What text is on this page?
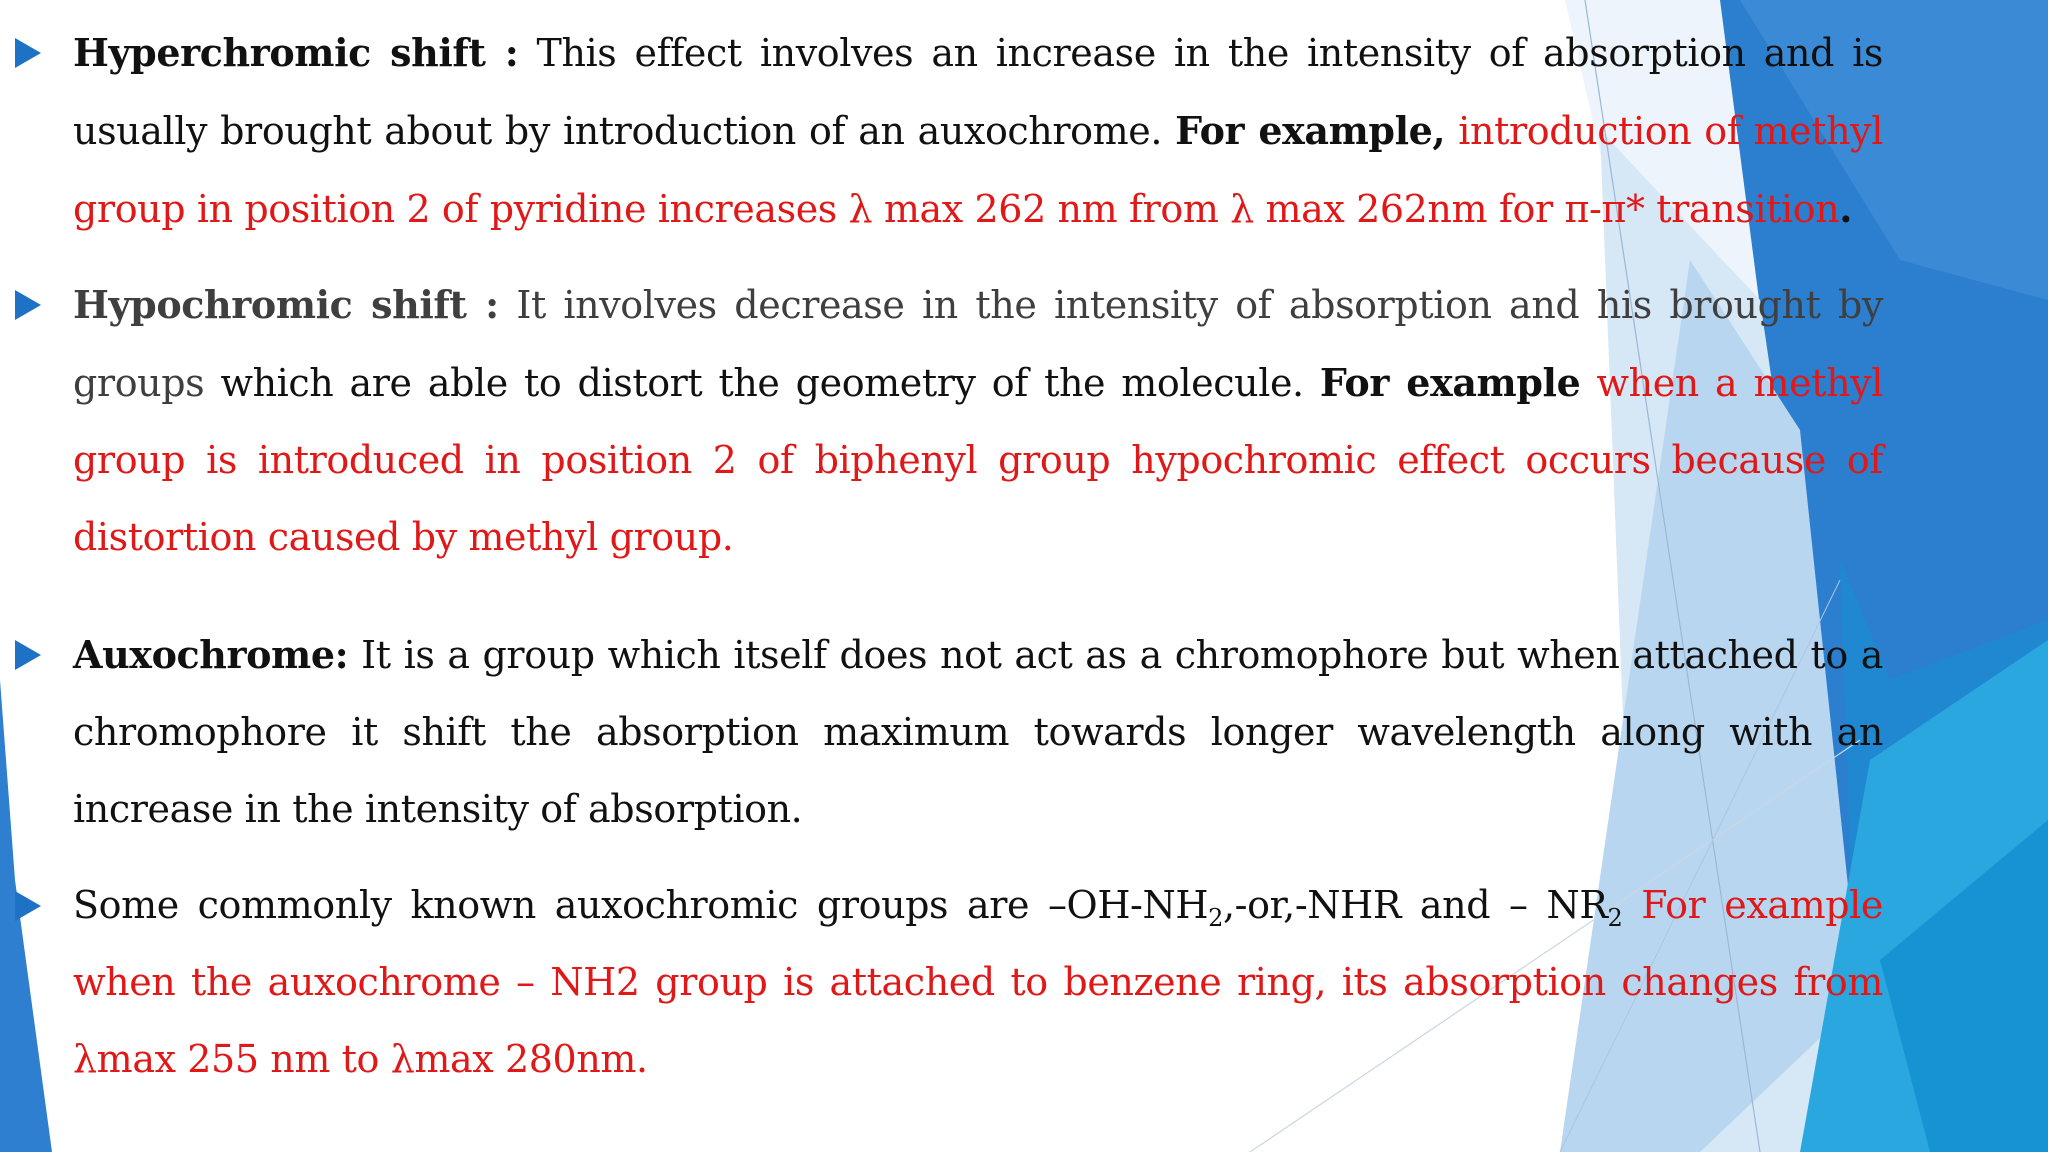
Hyperchromic shift : This effect involves an increase in the intensity of absorption and is usually brought about by introduction of an auxochrome. For example, introduction of methyl group in position 2 of pyridine increases λ max 262 nm from λ max 262nm for π-π* transition.
Hypochromic shift : It involves decrease in the intensity of absorption and his brought by groups which are able to distort the geometry of the molecule. For example when a methyl group is introduced in position 2 of biphenyl group hypochromic effect occurs because of distortion caused by methyl group.
Auxochrome: It is a group which itself does not act as a chromophore but when attached to a chromophore it shift the absorption maximum towards longer wavelength along with an increase in the intensity of absorption.
Some commonly known auxochromic groups are $-OH-NH_2,-or$,-NHR and – $NR_2$ For example when the auxochrome – NH2 group is attached to benzene ring, its absorption changes from λmax 255 nm to λmax 280nm.
